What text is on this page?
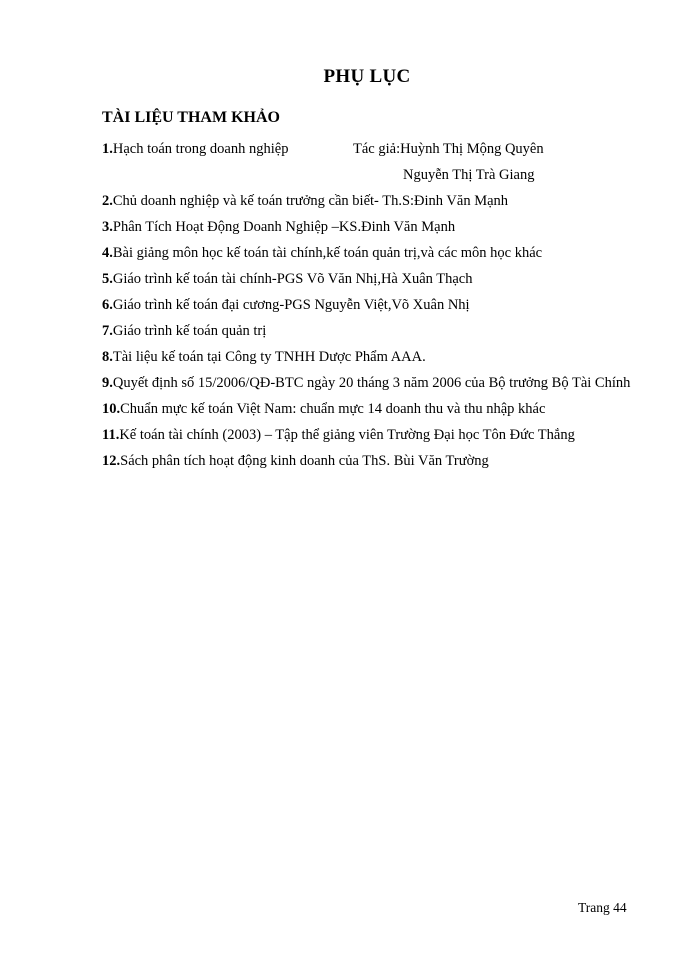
PHỤ LỤC
TÀI LIỆU THAM KHẢO
1.Hạch toán trong doanh nghiệp	Tác giả:Huỳnh Thị Mộng Quyên
Nguyễn Thị Trà Giang
2.Chủ doanh nghiệp và kế toán trưởng cần biết- Th.S:Đinh Văn Mạnh
3.Phân Tích Hoạt Động Doanh Nghiệp –KS.Đinh Văn Mạnh
4.Bài giảng môn học kế toán tài chính,kế toán quản trị,và các môn học khác
5.Giáo trình kế toán tài chính-PGS Võ Văn Nhị,Hà Xuân Thạch
6.Giáo trình kế toán đại cương-PGS Nguyễn Việt,Võ Xuân Nhị
7.Giáo trình kế toán quản trị
8.Tài liệu kế toán tại Công ty TNHH Dược Phẩm AAA.
9.Quyết định số 15/2006/QĐ-BTC ngày 20 tháng 3 năm 2006 của Bộ trưởng Bộ Tài Chính
10.Chuẩn mực kế toán Việt Nam: chuẩn mực 14 doanh thu và thu nhập khác
11.Kế toán tài chính (2003) – Tập thể giảng viên Trường Đại học Tôn Đức Thắng
12.Sách phân tích hoạt động kinh doanh của ThS. Bùi Văn Trường
Trang 44
